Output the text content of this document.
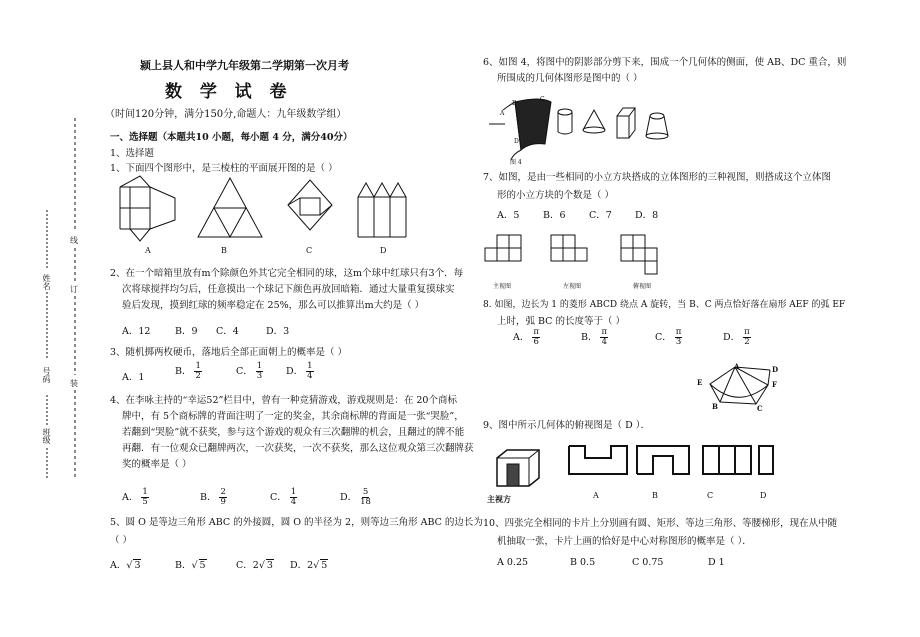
线
订
装
姓名
号码
班级
颍上县人和中学九年级第二学期第一次月考
数  学  试  卷
（时间120分钟，满分150分,命题人：九年级数学组）
一、选择题（本题共10 小题，每小题 4 分，满分40分）
1、选择题
1、下面四个图形中，是三棱柱的平面展开图的是（ ）
A	B	C	D
2、在一个暗箱里放有m个除颜色外其它完全相同的球，这m个球中红球只有3个．每
次将球搅拌均匀后，任意摸出一个球记下颜色再放回暗箱．通过大量重复摸球实
验后发现，摸到红球的频率稳定在 25%，那么可以推算出m大约是（ ）
A．12	B．9 C．4	D．3
3、随机掷两枚硬币，落地后全部正面朝上的概率是（ ）
A．1
B． $\frac{1}{2}$	C． $\frac{1}{3}$ D． $\frac{1}{4}$
4、在李咏主持的“幸运52”栏目中，曾有一种竞猜游戏，游戏规则是：在 20个商标
牌中，有 5个商标牌的背面注明了一定的奖金，其余商标牌的背面是一张“哭脸”，
若翻到“哭脸”就不获奖，参与这个游戏的观众有三次翻牌的机会，且翻过的牌不能
再翻．有一位观众已翻牌两次，一次获奖，一次不获奖，那么这位观众第三次翻牌获
奖的概率是（ ）
A． $\frac{1}{5}$	B． $\frac{2}{9}$	C． $\frac{1}{4}$	D． $\frac{5}{18}$
5、圆 O 是等边三角形 ABC 的外接圆，圆 O 的半径为 2，则等边三角形 ABC 的边长为
（ ）
A．√ 3	B．√ 5	C．2√ 3 D．2√ 5
6、如图 4，将图中的阴影部分剪下来，围成一个几何体的侧面，使 AB、DC 重合，则
所围成的几何体图形是图中的（ ）
图 4
B
A
C
D
7、如图，是由一些相同的小立方块搭成的立体图形的三种视图，则搭成这个立体图
形的小立方块的个数是（ ）
A．5 B．6 C．7 D．8
主视图	左视图	俯视图
8. 如图，边长为 1 的菱形 ABCD 绕点 A 旋转，当 B、C 两点恰好落在扇形 AEF 的弧 EF
上时，弧 BC 的长度等于（ ）
A． $\frac{\pi}{6}$	B． $\frac{\pi}{4}$	C． $\frac{\pi}{3}$	D． $\frac{\pi}{2}$
A	D
E	F
B	C
9、图中所示几何体的俯视图是（ D ）．
主视方	A	B	C	D
10、四张完全相同的卡片上分别画有圆、矩形、等边三角形、等腰梯形，现在从中随
机抽取一张，卡片上画的恰好是中心对称图形的概率是（ ）．
A 0.25	B 0.5	C 0.75	D 1
